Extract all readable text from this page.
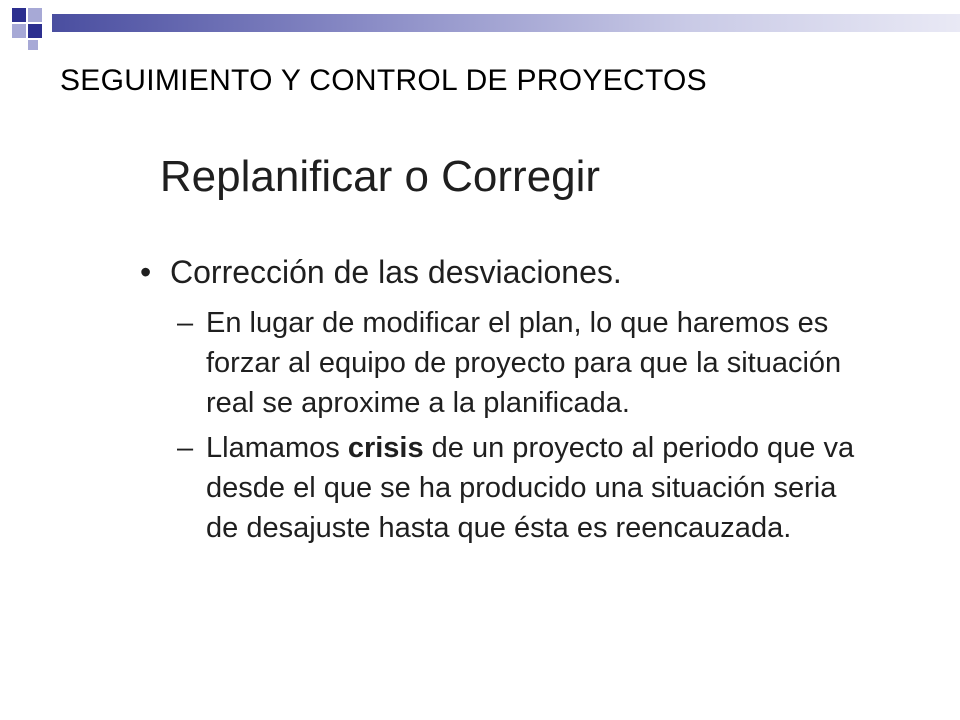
SEGUIMIENTO Y CONTROL DE PROYECTOS
Replanificar o Corregir
• Corrección de las desviaciones.
– En lugar de modificar el plan, lo que haremos es forzar al equipo de proyecto para que la situación real se aproxime a la planificada.
– Llamamos crisis de un proyecto al periodo que va desde el que se ha producido una situación seria de desajuste hasta que ésta es reencauzada.
